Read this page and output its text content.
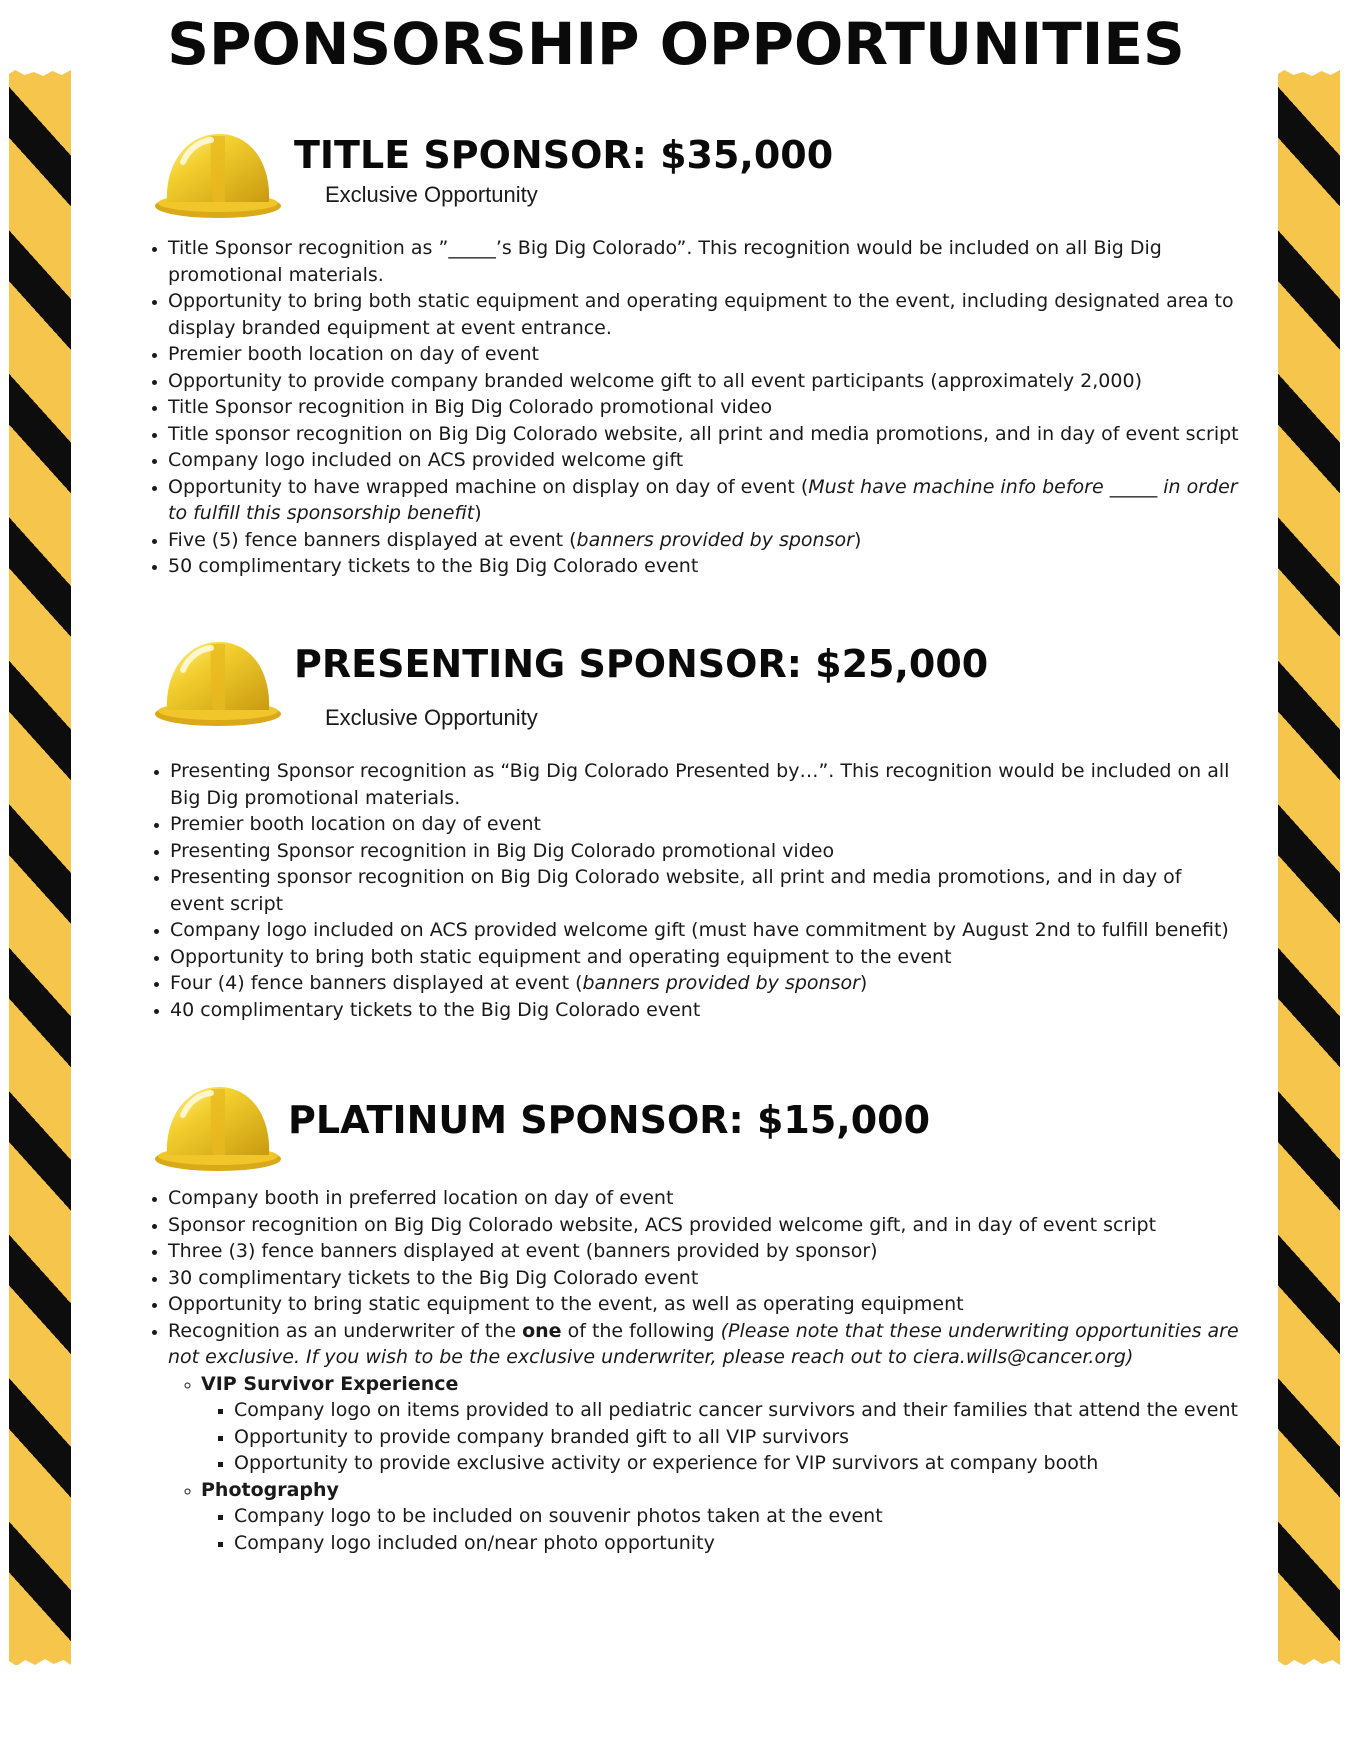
SPONSORSHIP OPPORTUNITIES
TITLE SPONSOR: $35,000
Exclusive Opportunity
• Title Sponsor recognition as ”_____’s Big Dig Colorado”. This recognition would be included on all Big Dig promotional materials.
• Opportunity to bring both static equipment and operating equipment to the event, including designated area to display branded equipment at event entrance.
• Premier booth location on day of event
• Opportunity to provide company branded welcome gift to all event participants (approximately 2,000)
• Title Sponsor recognition in Big Dig Colorado promotional video
• Title sponsor recognition on Big Dig Colorado website, all print and media promotions, and in day of event script
• Company logo included on ACS provided welcome gift
• Opportunity to have wrapped machine on display on day of event (Must have machine info before _____ in order to fulfill this sponsorship benefit)
• Five (5) fence banners displayed at event (banners provided by sponsor)
• 50 complimentary tickets to the Big Dig Colorado event
PRESENTING SPONSOR: $25,000
Exclusive Opportunity
• Presenting Sponsor recognition as “Big Dig Colorado Presented by…”. This recognition would be included on all Big Dig promotional materials.
• Premier booth location on day of event
• Presenting Sponsor recognition in Big Dig Colorado promotional video
• Presenting sponsor recognition on Big Dig Colorado website, all print and media promotions, and in day of event script
• Company logo included on ACS provided welcome gift (must have commitment by August 2nd to fulfill benefit)
• Opportunity to bring both static equipment and operating equipment to the event
• Four (4) fence banners displayed at event (banners provided by sponsor)
• 40 complimentary tickets to the Big Dig Colorado event
PLATINUM SPONSOR: $15,000
• Company booth in preferred location on day of event
• Sponsor recognition on Big Dig Colorado website, ACS provided welcome gift, and in day of event script
• Three (3) fence banners displayed at event (banners provided by sponsor)
• 30 complimentary tickets to the Big Dig Colorado event
• Opportunity to bring static equipment to the event, as well as operating equipment
• Recognition as an underwriter of the one of the following (Please note that these underwriting opportunities are not exclusive. If you wish to be the exclusive underwriter, please reach out to ciera.wills@cancer.org)
◦ VIP Survivor Experience
▪ Company logo on items provided to all pediatric cancer survivors and their families that attend the event
▪ Opportunity to provide company branded gift to all VIP survivors
▪ Opportunity to provide exclusive activity or experience for VIP survivors at company booth
◦ Photography
▪ Company logo to be included on souvenir photos taken at the event
▪ Company logo included on/near photo opportunity
